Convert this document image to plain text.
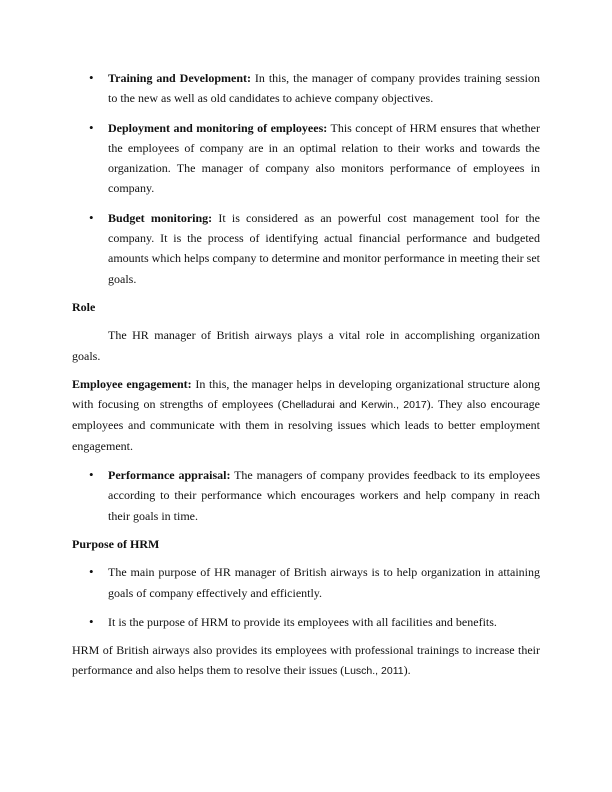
• Training and Development: In this, the manager of company provides training session to the new as well as old candidates to achieve company objectives.
• Deployment and monitoring of employees: This concept of HRM ensures that whether the employees of company are in an optimal relation to their works and towards the organization. The manager of company also monitors performance of employees in company.
• Budget monitoring: It is considered as an powerful cost management tool for the company. It is the process of identifying actual financial performance and budgeted amounts which helps company to determine and monitor performance in meeting their set goals.

Role

The HR manager of British airways plays a vital role in accomplishing organization goals.

Employee engagement: In this, the manager helps in developing organizational structure along with focusing on strengths of employees (Chelladurai and Kerwin., 2017). They also encourage employees and communicate with them in resolving issues which leads to better employment engagement.

• Performance appraisal: The managers of company provides feedback to its employees according to their performance which encourages workers and help company in reach their goals in time.

Purpose of HRM

• The main purpose of HR manager of British airways is to help organization in attaining goals of company effectively and efficiently.
• It is the purpose of HRM to provide its employees with all facilities and benefits.

HRM of British airways also provides its employees with professional trainings to increase their performance and also helps them to resolve their issues (Lusch., 2011).
